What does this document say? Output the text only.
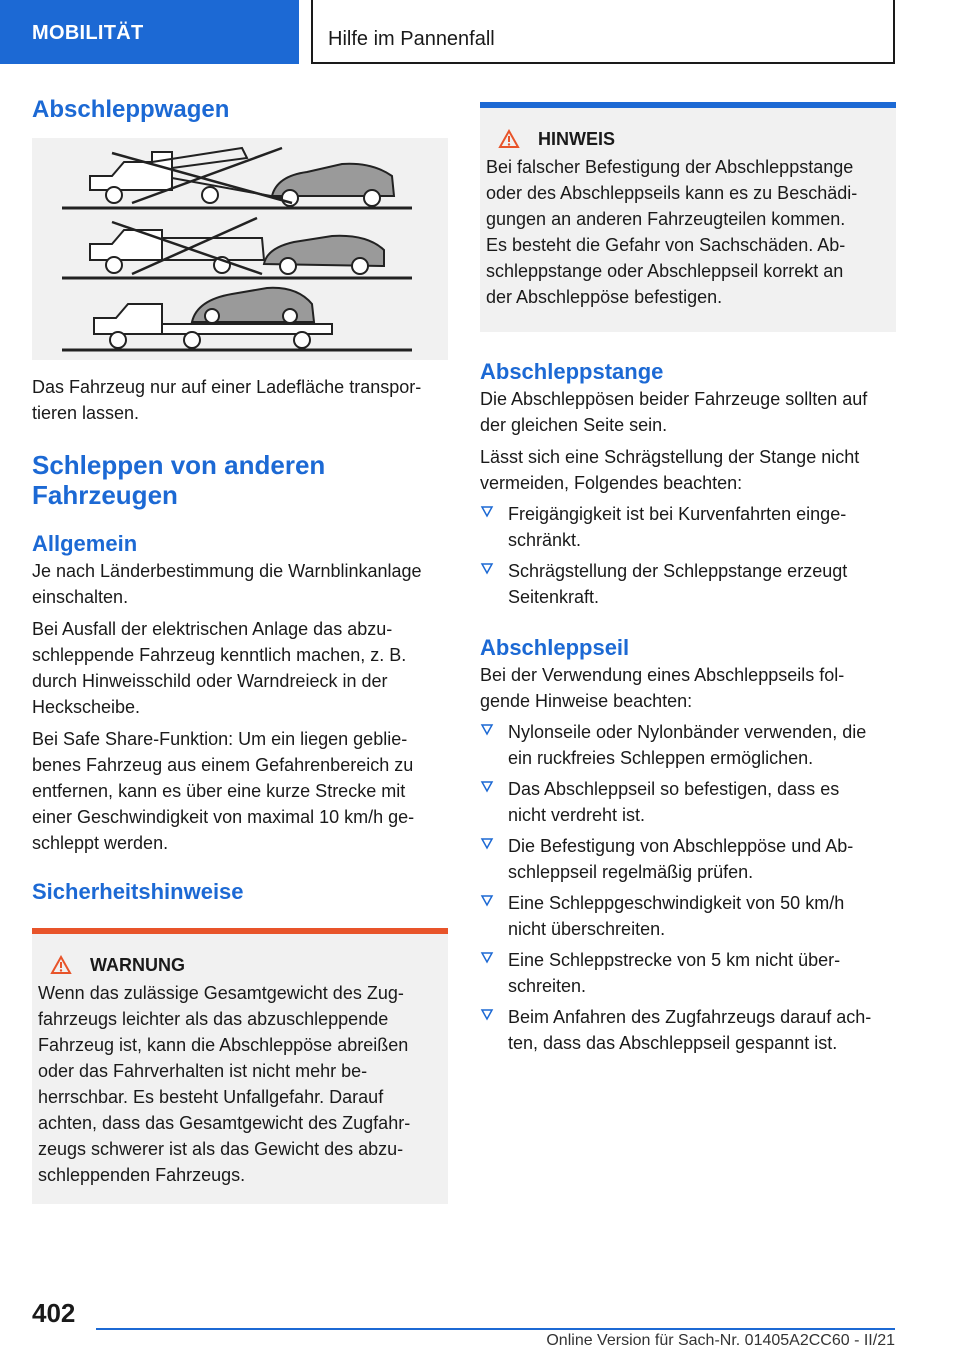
MOBILITÄT	Hilfe im Pannenfall
Abschleppwagen

Das Fahrzeug nur auf einer Ladefläche transpor-
tieren lassen.

Schleppen von anderen
Fahrzeugen
Allgemein

Je nach Länderbestimmung die Warnblinkanlage
einschalten.

Bei Ausfall der elektrischen Anlage das abzu-
schleppende Fahrzeug kenntlich machen, z. B.
durch Hinweisschild oder Warndreieck in der
Heckscheibe.

Bei Safe Share-Funktion: Um ein liegen geblie-
benes Fahrzeug aus einem Gefahrenbereich zu
entfernen, kann es über eine kurze Strecke mit
einer Geschwindigkeit von maximal 10 km/h ge-
schleppt werden.

Sicherheitshinweise
WARNUNG

Wenn das zulässige Gesamtgewicht des Zug-
fahrzeugs leichter als das abzuschleppende
Fahrzeug ist, kann die Abschleppöse abreißen
oder das Fahrverhalten ist nicht mehr be-
herrschbar. Es besteht Unfallgefahr. Darauf
achten, dass das Gesamtgewicht des Zugfahr-
zeugs schwerer ist als das Gewicht des abzu-
schleppenden Fahrzeugs.

HINWEIS

Bei falscher Befestigung der Abschleppstange
oder des Abschleppseils kann es zu Beschädi-
gungen an anderen Fahrzeugteilen kommen.
Es besteht die Gefahr von Sachschäden. Ab-
schleppstange oder Abschleppseil korrekt an
der Abschleppöse befestigen.

Abschleppstange

Die Abschleppösen beider Fahrzeuge sollten auf
der gleichen Seite sein.

Lässt sich eine Schrägstellung der Stange nicht
vermeiden, Folgendes beachten:

Freigängigkeit ist bei Kurvenfahrten einge-
schränkt.
Schrägstellung der Schleppstange erzeugt
Seitenkraft.
Abschleppseil

Bei der Verwendung eines Abschleppseils fol-
gende Hinweise beachten:

Nylonseile oder Nylonbänder verwenden, die
ein ruckfreies Schleppen ermöglichen.
Das Abschleppseil so befestigen, dass es
nicht verdreht ist.
Die Befestigung von Abschleppöse und Ab-
schleppseil regelmäßig prüfen.
Eine Schleppgeschwindigkeit von 50 km/h
nicht überschreiten.
Eine Schleppstrecke von 5 km nicht über-
schreiten.
Beim Anfahren des Zugfahrzeugs darauf ach-
ten, dass das Abschleppseil gespannt ist.
402
Online Version für Sach-Nr. 01405A2CC60 - II/21
